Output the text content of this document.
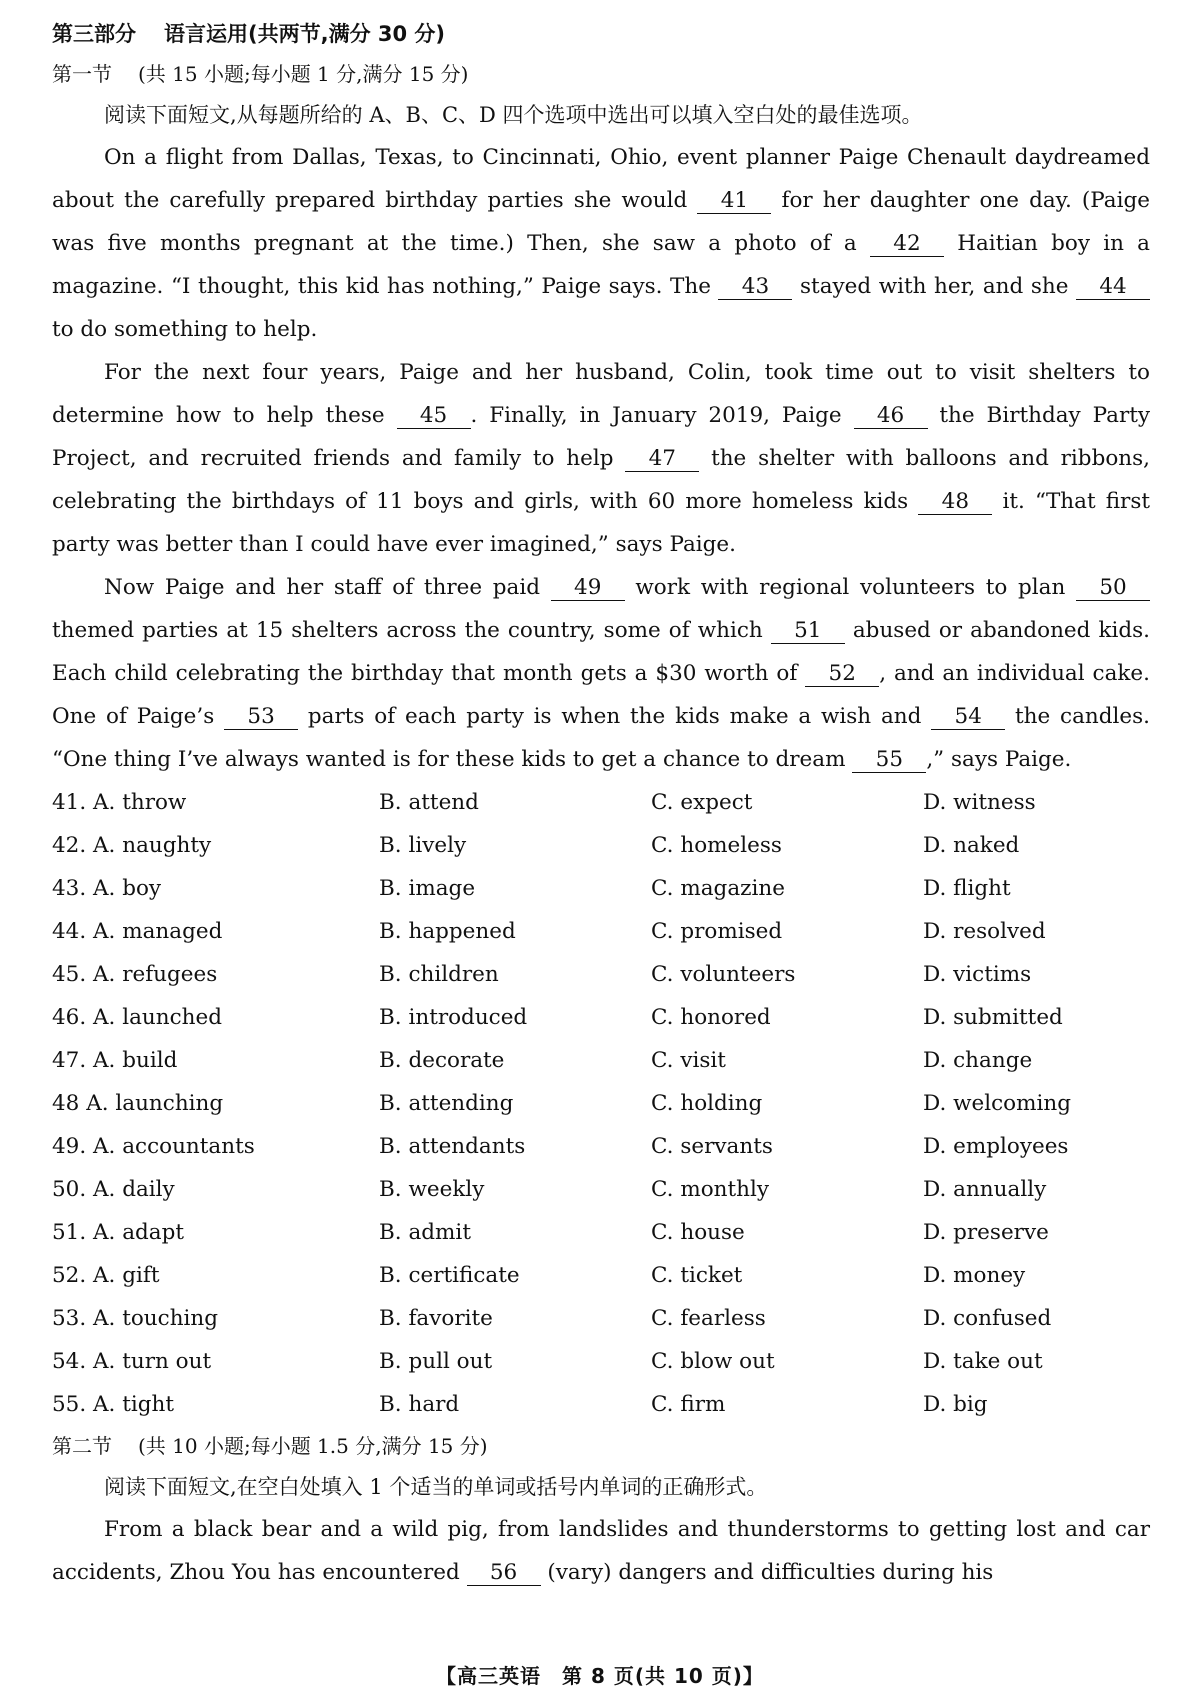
第三部分 语言运用(共两节,满分 30 分)
第一节 (共 15 小题;每小题 1 分,满分 15 分)
阅读下面短文,从每题所给的 A、B、C、D 四个选项中选出可以填入空白处的最佳选项。

On a flight from Dallas, Texas, to Cincinnati, Ohio, event planner Paige Chenault daydreamed about the carefully prepared birthday parties she would 41 for her daughter one day. (Paige was five months pregnant at the time.) Then, she saw a photo of a 42 Haitian boy in a magazine. “I thought, this kid has nothing,” Paige says. The 43 stayed with her, and she 44 to do something to help.

For the next four years, Paige and her husband, Colin, took time out to visit shelters to determine how to help these 45 . Finally, in January 2019, Paige 46 the Birthday Party Project, and recruited friends and family to help 47 the shelter with balloons and ribbons, celebrating the birthdays of 11 boys and girls, with 60 more homeless kids 48 it. “That first party was better than I could have ever imagined,” says Paige.

Now Paige and her staff of three paid 49 work with regional volunteers to plan 50 themed parties at 15 shelters across the country, some of which 51 abused or abandoned kids. Each child celebrating the birthday that month gets a $30 worth of 52 , and an individual cake. One of Paige’s 53 parts of each party is when the kids make a wish and 54 the candles. “One thing I’ve always wanted is for these kids to get a chance to dream 55 ,” says Paige.

41. A. throw	B. attend	C. expect	D. witness
42. A. naughty	B. lively	C. homeless	D. naked
43. A. boy	B. image	C. magazine	D. flight
44. A. managed	B. happened	C. promised	D. resolved
45. A. refugees	B. children	C. volunteers	D. victims
46. A. launched	B. introduced	C. honored	D. submitted
47. A. build	B. decorate	C. visit	D. change
48 A. launching	B. attending	C. holding	D. welcoming
49. A. accountants	B. attendants	C. servants	D. employees
50. A. daily	B. weekly	C. monthly	D. annually
51. A. adapt	B. admit	C. house	D. preserve
52. A. gift	B. certificate	C. ticket	D. money
53. A. touching	B. favorite	C. fearless	D. confused
54. A. turn out	B. pull out	C. blow out	D. take out
55. A. tight	B. hard	C. firm	D. big
第二节 (共 10 小题;每小题 1.5 分,满分 15 分)
阅读下面短文,在空白处填入 1 个适当的单词或括号内单词的正确形式。

From a black bear and a wild pig, from landslides and thunderstorms to getting lost and car accidents, Zhou You has encountered 56 (vary) dangers and difficulties during his

【高三英语　第 8 页(共 10 页)】
